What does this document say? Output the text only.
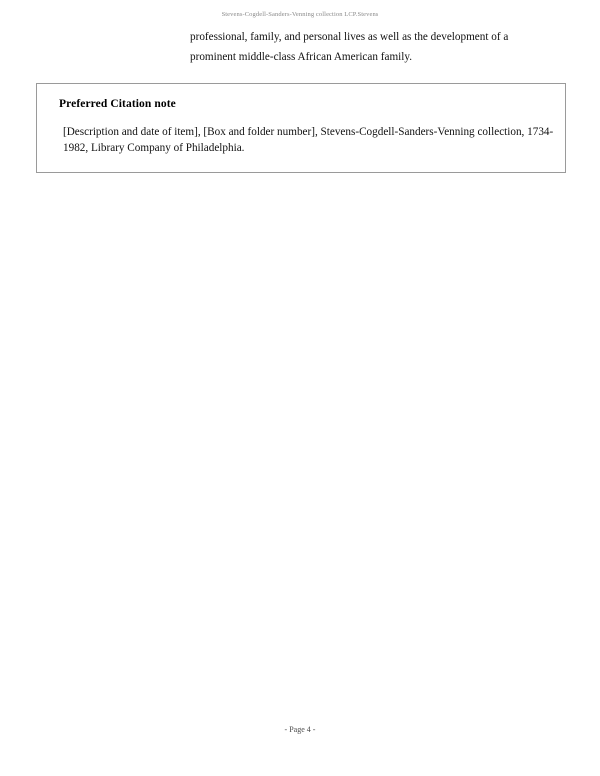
Stevens-Cogdell-Sanders-Venning collection LCP.Stevens

professional, family, and personal lives as well as the development of a prominent middle-class African American family.

Preferred Citation note
[Description and date of item], [Box and folder number], Stevens-Cogdell-Sanders-Venning collection, 1734-1982, Library Company of Philadelphia.
- Page 4 -
